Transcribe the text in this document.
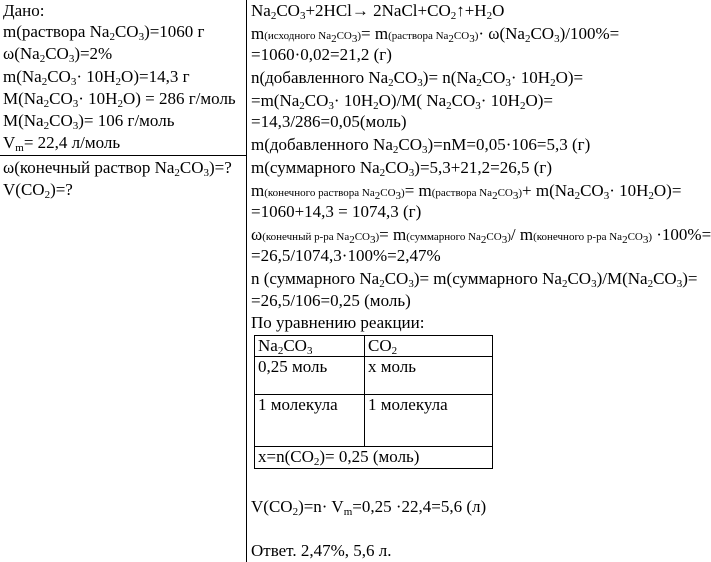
Дано:
m(раствора $Na_2CO_3)=1060$ г
$\omega(Na_2CO_3)=2\%$
$m(Na_2CO_3\cdot 10H_2O)=14,3$ г
$M(Na_2CO_3\cdot 10H_2O) = 286$ г/моль
$M(Na_2CO_3)= 106$ г/моль
$V_m= 22,4$ л/моль
ω(конечный раствор $Na_2CO_3)=$?
$V(CO_2)=$?
$Na_2CO_3+2HCl\to$ $2NaCl+CO_2↑+H_2O$
m(исходного $Na_2CO_3)=$ m(раствора $Na_2CO_3)\cdot \omega(Na_2CO_3)/100\%=$
=1060·0,02=21,2 (г)
n(добавленного $Na_2CO_3)= n(Na_2CO_3\cdot 10H_2O)=$
$=m(Na_2CO_3\cdot 10H_2O)/M$( $Na_2CO_3\cdot 10H_2O)=$
=14,3/286=0,05(моль)
m(добавленного $Na_2CO_3)=nM=0,05\cdot 106=5,3$ (г)
m(суммарного $Na_2CO_3)=5,3+21,2=26,5$ (г)
m(конечного раствора $Na_2CO_3)=$ m(раствора $Na_2CO_3)+ m(Na_2CO_3\cdot 10H_2O)=$
=1060+14,3 = 1074,3 (г)
ω(конечный р-ра $Na_2CO_3)=$ m(суммарного $Na_2CO_3)/$ m(конечного р-ра $Na_2CO_3) \cdot 100\%=$
=26,5/1074,3·100%=2,47%
n (суммарного $Na_2CO_3)=$ m(суммарного $Na_2CO_3)/M(Na_2CO_3)=$
=26,5/106=0,25 (моль)
По уравнению реакции:
$Na_2CO_3$	$CO_2$
0,25 моль	x моль
1 молекула	1 молекула
$x=n(CO_2)= 0,25$ (моль)	
$V(CO_2)=n\cdot V_m=0,25 \cdot 22,4=5,6$ (л)
Ответ. 2,47%, 5,6 л.
